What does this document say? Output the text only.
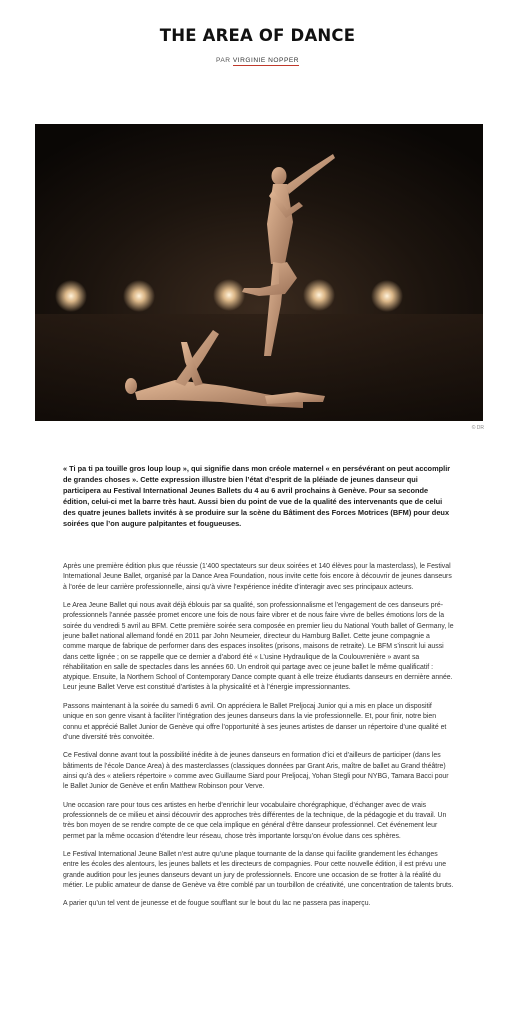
THE AREA OF DANCE
PAR VIRGINIE NOPPER
© DR

« Ti pa ti pa touille gros loup loup », qui signifie dans mon créole maternel « en persévérant on peut accomplir de grandes choses ». Cette expression illustre bien l’état d’esprit de la pléiade de jeunes danseur qui participera au Festival International Jeunes Ballets du 4 au 6 avril prochains à Genève. Pour sa seconde édition, celui-ci met la barre très haut. Aussi bien du point de vue de la qualité des intervenants que de celui des quatre jeunes ballets invités à se produire sur la scène du Bâtiment des Forces Motrices (BFM) pour deux soirées que l’on augure palpitantes et fougueuses.

Après une première édition plus que réussie (1’400 spectateurs sur deux soirées et 140 élèves pour la masterclass), le Festival International Jeune Ballet, organisé par la Dance Area Foundation, nous invite cette fois encore à découvrir de jeunes danseurs à l’orée de leur carrière professionnelle, ainsi qu’à vivre l’expérience inédite d’interagir avec ses principaux acteurs.

Le Area Jeune Ballet qui nous avait déjà éblouis par sa qualité, son professionnalisme et l’engagement de ces danseurs pré-professionnels l’année passée promet encore une fois de nous faire vibrer et de nous faire vivre de belles émotions lors de la soirée du vendredi 5 avril au BFM. Cette première soirée sera composée en premier lieu du National Youth ballet of Germany, le jeune ballet national allemand fondé en 2011 par John Neumeier, directeur du Hamburg Ballet. Cette jeune compagnie a comme marque de fabrique de performer dans des espaces insolites (prisons, maisons de retraite). Le BFM s’inscrit lui aussi dans cette lignée ; on se rappelle que ce dernier a d’abord été « L’usine Hydraulique de la Coulouvrenière » avant sa réhabilitation en salle de spectacles dans les années 60. Un endroit qui partage avec ce jeune ballet le même qualificatif : atypique. Ensuite, la Northern School of Contemporary Dance compte quant à elle treize étudiants danseurs en dernière année. Leur jeune Ballet Verve est constitué d’artistes à la physicalité et à l’énergie impressionnantes.

Passons maintenant à la soirée du samedi 6 avril. On appréciera le Ballet Preljocaj Junior qui a mis en place un dispositif unique en son genre visant à faciliter l’intégration des jeunes danseurs dans la vie professionnelle. Et, pour finir, notre bien connu et apprécié Ballet Junior de Genève qui offre l’opportunité à ses jeunes artistes de danser un répertoire d’une qualité et d’une diversité très convoitée.

Ce Festival donne avant tout la possibilité inédite à de jeunes danseurs en formation d’ici et d’ailleurs de participer (dans les bâtiments de l’école Dance Area) à des masterclasses (classiques données par Grant Aris, maître de ballet au Grand théâtre) ainsi qu’à des « ateliers répertoire » comme avec Guillaume Siard pour Preljocaj, Yohan Stegli pour NYBG, Tamara Bacci pour le Ballet Junior de Genève et enfin Matthew Robinson pour Verve.

Une occasion rare pour tous ces artistes en herbe d’enrichir leur vocabulaire chorégraphique, d’échanger avec de vrais professionnels de ce milieu et ainsi découvrir des approches très différentes de la technique, de la pédagogie et du travail. Un très bon moyen de se rendre compte de ce que cela implique en général d’être danseur professionnel. Cet événement leur permet par la même occasion d’étendre leur réseau, chose très importante lorsqu’on évolue dans ces sphères.

Le Festival International Jeune Ballet n’est autre qu’une plaque tournante de la danse qui facilite grandement les échanges entre les écoles des alentours, les jeunes ballets et les directeurs de compagnies. Pour cette nouvelle édition, il est prévu une grande audition pour les jeunes danseurs devant un jury de professionnels. Encore une occasion de se frotter à la réalité du métier. Le public amateur de danse de Genève va être comblé par un tourbillon de créativité, une concentration de talents bruts.

A parier qu’un tel vent de jeunesse et de fougue soufflant sur le bout du lac ne passera pas inaperçu.
